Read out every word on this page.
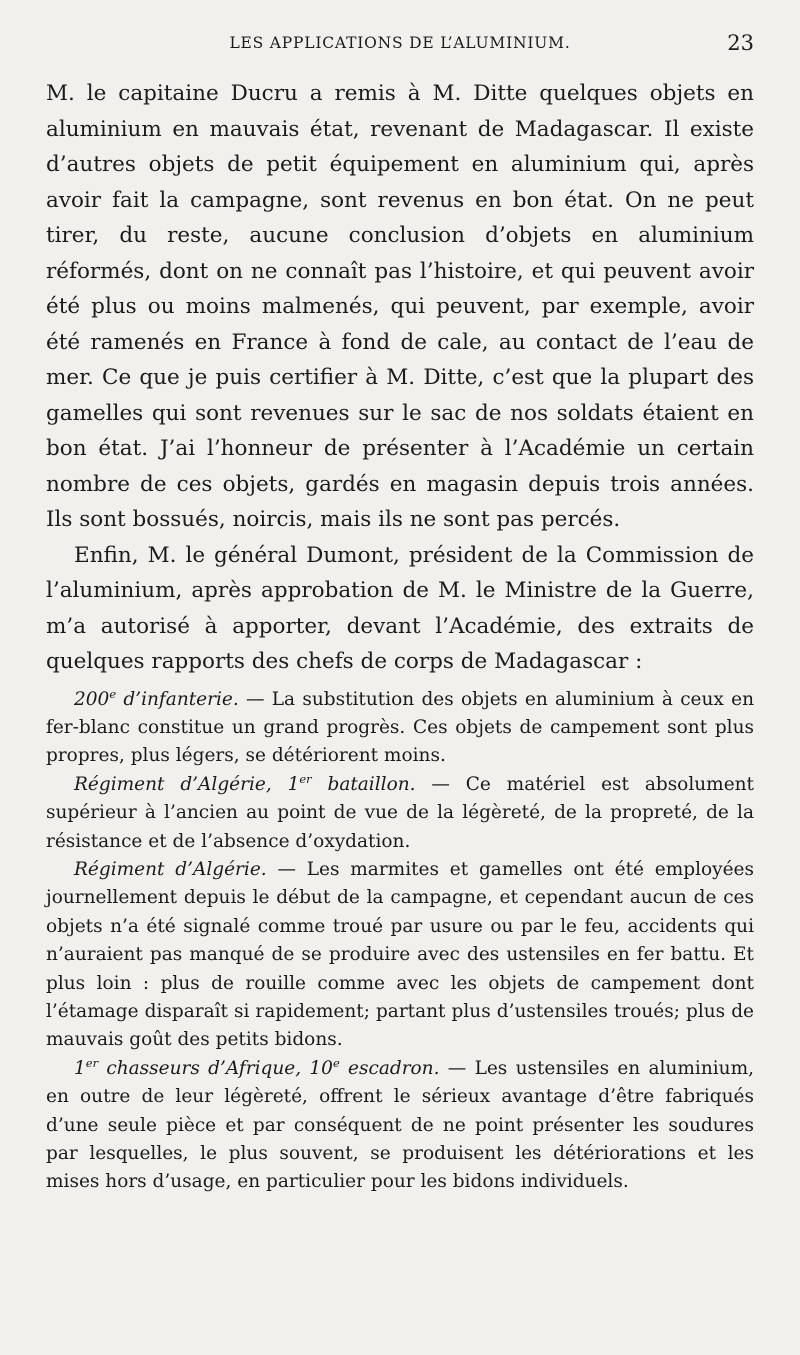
LES APPLICATIONS DE L’ALUMINIUM.	23

M. le capitaine Ducru a remis à M. Ditte quelques objets en aluminium en mauvais état, revenant de Madagascar. Il existe d’autres objets de petit équipement en aluminium qui, après avoir fait la campagne, sont revenus en bon état. On ne peut tirer, du reste, aucune conclusion d’objets en aluminium réformés, dont on ne connaît pas l’histoire, et qui peuvent avoir été plus ou moins malmenés, qui peuvent, par exemple, avoir été ramenés en France à fond de cale, au contact de l’eau de mer. Ce que je puis certifier à M. Ditte, c’est que la plupart des gamelles qui sont revenues sur le sac de nos soldats étaient en bon état. J’ai l’honneur de présenter à l’Académie un certain nombre de ces objets, gardés en magasin depuis trois années. Ils sont bossués, noircis, mais ils ne sont pas percés.

Enfin, M. le général Dumont, président de la Commission de l’aluminium, après approbation de M. le Ministre de la Guerre, m’a autorisé à apporter, devant l’Académie, des extraits de quelques rapports des chefs de corps de Madagascar :

200e d’infanterie. — La substitution des objets en aluminium à ceux en fer-blanc constitue un grand progrès. Ces objets de campement sont plus propres, plus légers, se détériorent moins.

Régiment d’Algérie, 1er bataillon. — Ce matériel est absolument supérieur à l’ancien au point de vue de la légèreté, de la propreté, de la résistance et de l’absence d’oxydation.

Régiment d’Algérie. — Les marmites et gamelles ont été employées journellement depuis le début de la campagne, et cependant aucun de ces objets n’a été signalé comme troué par usure ou par le feu, accidents qui n’auraient pas manqué de se produire avec des ustensiles en fer battu. Et plus loin : plus de rouille comme avec les objets de campement dont l’étamage disparaît si rapidement; partant plus d’ustensiles troués; plus de mauvais goût des petits bidons.

1er chasseurs d’Afrique, 10e escadron. — Les ustensiles en aluminium, en outre de leur légèreté, offrent le sérieux avantage d’être fabriqués d’une seule pièce et par conséquent de ne point présenter les soudures par lesquelles, le plus souvent, se produisent les détériorations et les mises hors d’usage, en particulier pour les bidons individuels.
